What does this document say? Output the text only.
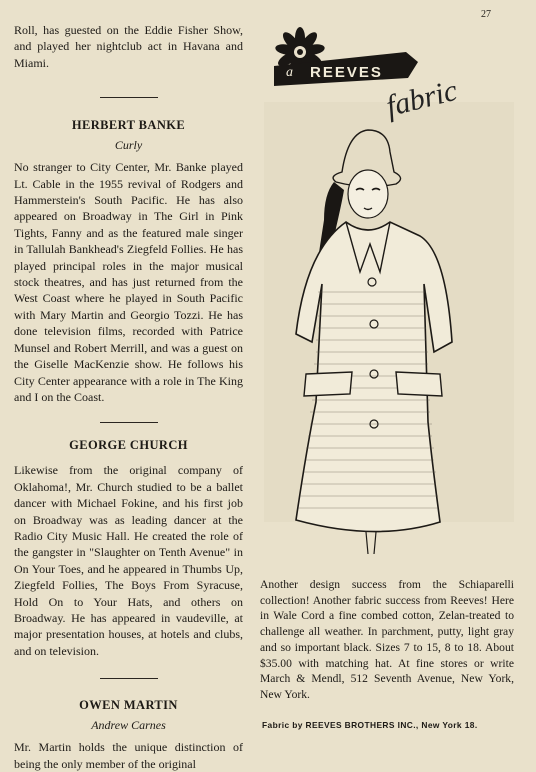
27

Roll, has guested on the Eddie Fisher Show, and played her nightclub act in Havana and Miami.

HERBERT BANKE

Curly

No stranger to City Center, Mr. Banke played Lt. Cable in the 1955 revival of Rodgers and Hammerstein's South Pacific. He has also appeared on Broadway in The Girl in Pink Tights, Fanny and as the featured male singer in Tallulah Bankhead's Ziegfeld Follies. He has played principal roles in the major musical stock theatres, and has just returned from the West Coast where he played in South Pacific with Mary Martin and Georgio Tozzi. He has done television films, recorded with Patrice Munsel and Robert Merrill, and was a guest on the Giselle MacKenzie show. He follows his City Center appearance with a role in The King and I on the Coast.

GEORGE CHURCH

Likewise from the original company of Oklahoma!, Mr. Church studied to be a ballet dancer with Michael Fokine, and his first job on Broadway was as leading dancer at the Radio City Music Hall. He created the role of the gangster in "Slaughter on Tenth Avenue" in On Your Toes, and he appeared in Thumbs Up, Ziegfeld Follies, The Boys From Syracuse, Hold On to Your Hats, and others on Broadway. He has appeared in vaudeville, at major presentation houses, at hotels and clubs, and on television.

OWEN MARTIN

Andrew Carnes

Mr. Martin holds the unique distinction of being the only member of the original

a REEVES
fabric

Another design success from the Schiaparelli collection! Another fabric success from Reeves! Here in Wale Cord a fine combed cotton, Zelan-treated to challenge all weather. In parchment, putty, light gray and so important black. Sizes 7 to 15, 8 to 18. About $35.00 with matching hat. At fine stores or write March & Mendl, 512 Seventh Avenue, New York, New York.

Fabric by REEVES BROTHERS INC., New York 18.
